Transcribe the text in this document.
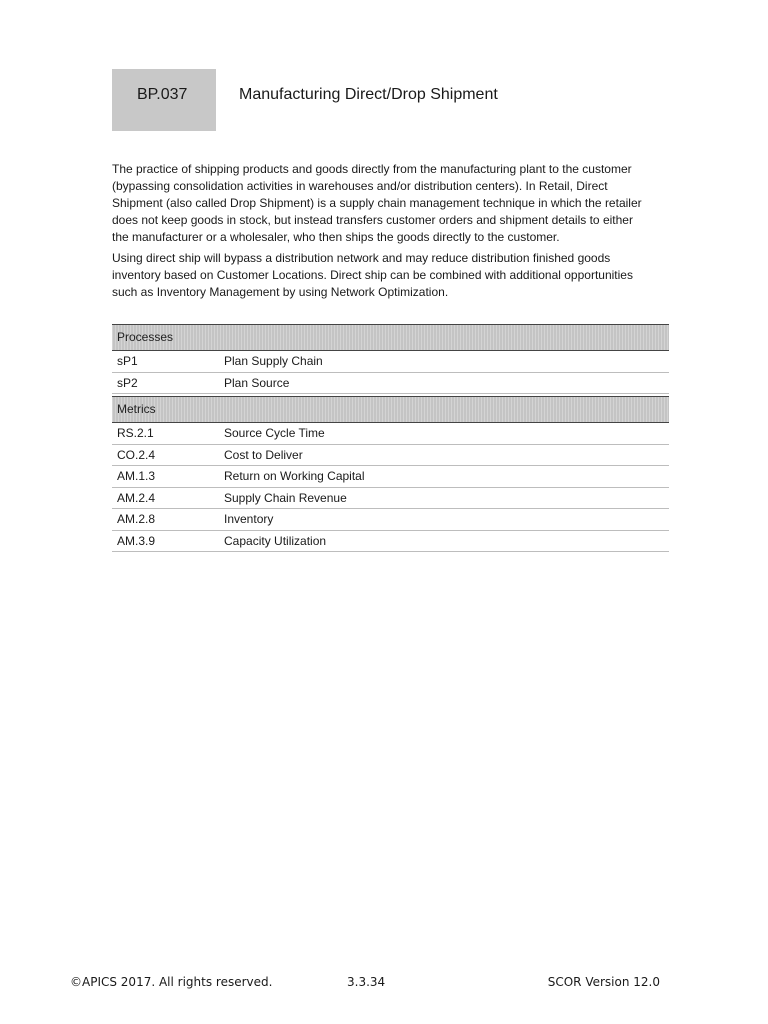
BP.037	Manufacturing Direct/Drop Shipment

The practice of shipping products and goods directly from the manufacturing plant to the customer (bypassing consolidation activities in warehouses and/or distribution centers). In Retail, Direct Shipment (also called Drop Shipment) is a supply chain management technique in which the retailer does not keep goods in stock, but instead transfers customer orders and shipment details to either the manufacturer or a wholesaler, who then ships the goods directly to the customer.

Using direct ship will bypass a distribution network and may reduce distribution finished goods inventory based on Customer Locations. Direct ship can be combined with additional opportunities such as Inventory Management by using Network Optimization.

Processes
sP1	Plan Supply Chain
sP2	Plan Source
Metrics
RS.2.1	Source Cycle Time
CO.2.4	Cost to Deliver
AM.1.3	Return on Working Capital
AM.2.4	Supply Chain Revenue
AM.2.8	Inventory
AM.3.9	Capacity Utilization
©APICS 2017. All rights reserved.	3.3.34	SCOR Version 12.0
